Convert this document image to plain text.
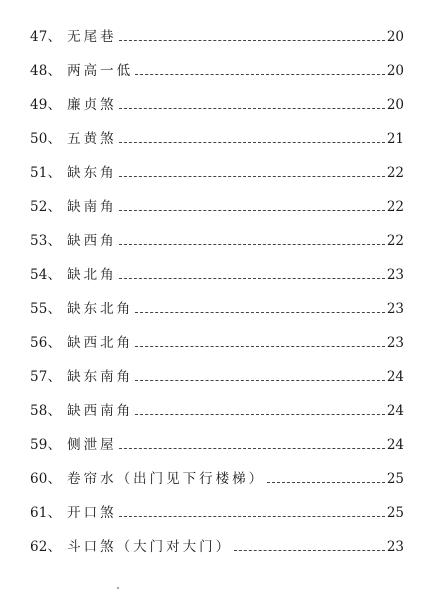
47 、 无尾巷	20
48 、 两高一低	20
49 、 廉贞煞	20
50 、 五黄煞	21
51 、 缺东角	22
52 、 缺南角	22
53 、 缺西角	22
54 、 缺北角	23
55 、 缺东北角	23
56 、 缺西北角	23
57 、 缺东南角	24
58 、 缺西南角	24
59 、 侧泄屋	24
60 、 卷帘水（出门见下行楼梯）	25
61 、 开口煞	25
62 、 斗口煞（大门对大门）	23
